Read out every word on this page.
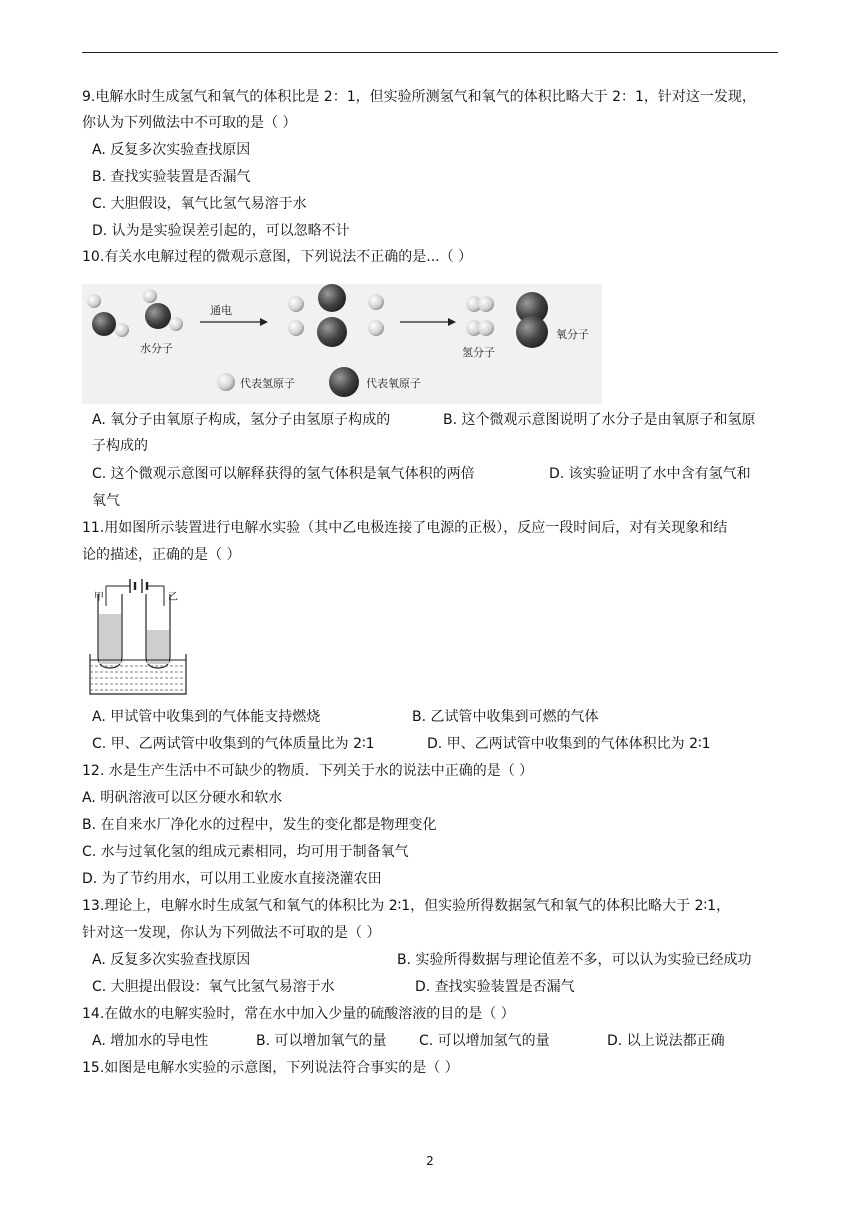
9.电解水时生成氢气和氧气的体积比是 2：1，但实验所测氢气和氧气的体积比略大于 2：1，针对这一发现，
你认为下列做法中不可取的是（ ）
A. 反复多次实验查找原因
B. 查找实验装置是否漏气
C. 大胆假设，氧气比氢气易溶于水
D. 认为是实验误差引起的，可以忽略不计
10.有关水电解过程的微观示意图，下列说法不正确的是...（ ）
水分子
通电
氢分子
氧分子
代表氢原子	代表氧原子
A. 氧分子由氧原子构成，氢分子由氢原子构成的	B. 这个微观示意图说明了水分子是由氧原子和氢原
子构成的
C. 这个微观示意图可以解释获得的氢气体积是氧气体积的两倍	D. 该实验证明了水中含有氢气和
氧气
11.用如图所示装置进行电解水实验（其中乙电极连接了电源的正极），反应一段时间后，对有关现象和结
论的描述，正确的是（ ）
甲	乙
A. 甲试管中收集到的气体能支持燃烧	B. 乙试管中收集到可燃的气体
C. 甲、乙两试管中收集到的气体质量比为 2∶1	D. 甲、乙两试管中收集到的气体体积比为 2∶1
12. 水是生产生活中不可缺少的物质．下列关于水的说法中正确的是（ ）
A. 明矾溶液可以区分硬水和软水
B. 在自来水厂净化水的过程中，发生的变化都是物理变化
C. 水与过氧化氢的组成元素相同，均可用于制备氧气
D. 为了节约用水，可以用工业废水直接浇灌农田
13.理论上，电解水时生成氢气和氧气的体积比为 2∶1，但实验所得数据氢气和氧气的体积比略大于 2∶1，
针对这一发现，你认为下列做法不可取的是（ ）
A. 反复多次实验查找原因	B. 实验所得数据与理论值差不多，可以认为实验已经成功
C. 大胆提出假设：氧气比氢气易溶于水	D. 查找实验装置是否漏气
14.在做水的电解实验时，常在水中加入少量的硫酸溶液的目的是（ ）
A. 增加水的导电性	B. 可以增加氧气的量 C. 可以增加氢气的量	D. 以上说法都正确
15.如图是电解水实验的示意图，下列说法符合事实的是（ ）
2
